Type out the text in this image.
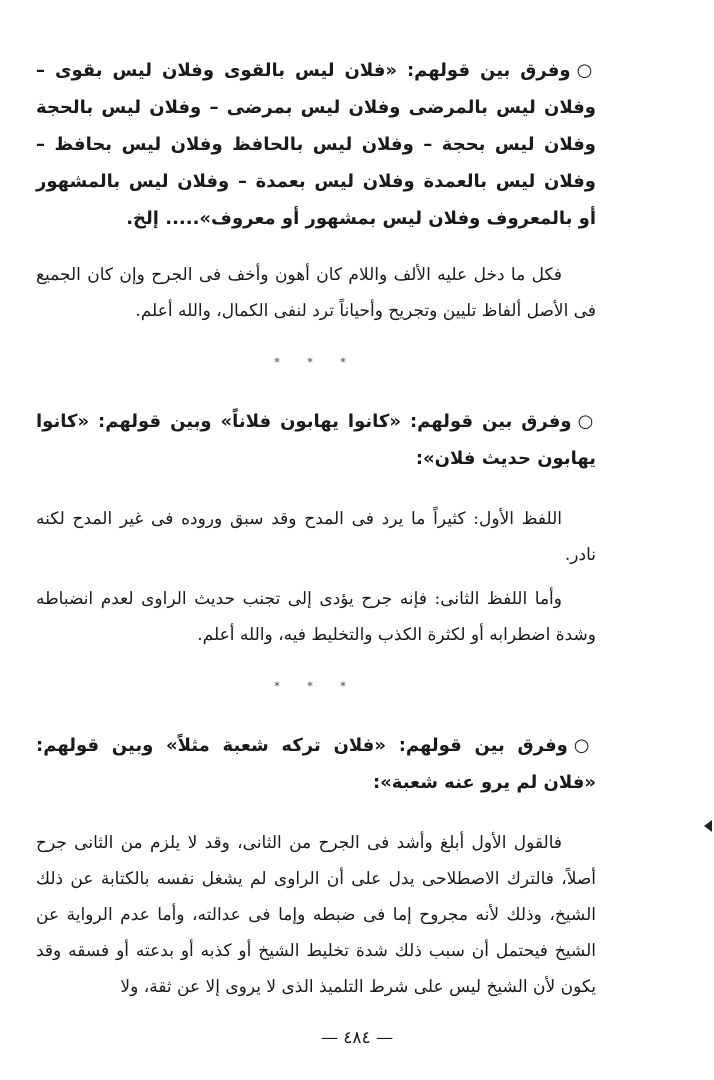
○وفرق بين قولهم: «فلان ليس بالقوى وفلان ليس بقوى – وفلان ليس بالمرضى وفلان ليس بمرضى – وفلان ليس بالحجة وفلان ليس بحجة – وفلان ليس بالحافظ وفلان ليس بحافظ – وفلان ليس بالعمدة وفلان ليس بعمدة – وفلان ليس بالمشهور أو بالمعروف وفلان ليس بمشهور أو معروف»..... إلخ.

فكل ما دخل عليه الألف واللام كان أهون وأخف فى الجرح وإن كان الجميع فى الأصل ألفاظ تليين وتجريح وأحياناً ترد لنفى الكمال، والله أعلم.

* * *

○وفرق بين قولهم: «كانوا يهابون فلاناً» وبين قولهم: «كانوا يهابون حديث فلان»:

اللفظ الأول: كثيراً ما يرد فى المدح وقد سبق وروده فى غير المدح لكنه نادر.

وأما اللفظ الثانى: فإنه جرح يؤدى إلى تجنب حديث الراوى لعدم انضباطه وشدة اضطرابه أو لكثرة الكذب والتخليط فيه، والله أعلم.

* * *

○وفرق بين قولهم: «فلان تركه شعبة مثلاً» وبين قولهم: «فلان لم يرو عنه شعبة»:

فالقول الأول أبلغ وأشد فى الجرح من الثانى، وقد لا يلزم من الثانى جرح أصلاً، فالترك الاصطلاحى يدل على أن الراوى لم يشغل نفسه بالكتابة عن ذلك الشيخ، وذلك لأنه مجروح إما فى ضبطه وإما فى عدالته، وأما عدم الرواية عن الشيخ فيحتمل أن سبب ذلك شدة تخليط الشيخ أو كذبه أو بدعته أو فسقه وقد يكون لأن الشيخ ليس على شرط التلميذ الذى لا يروى إلا عن ثقة، ولا

— ٤٨٤ —
